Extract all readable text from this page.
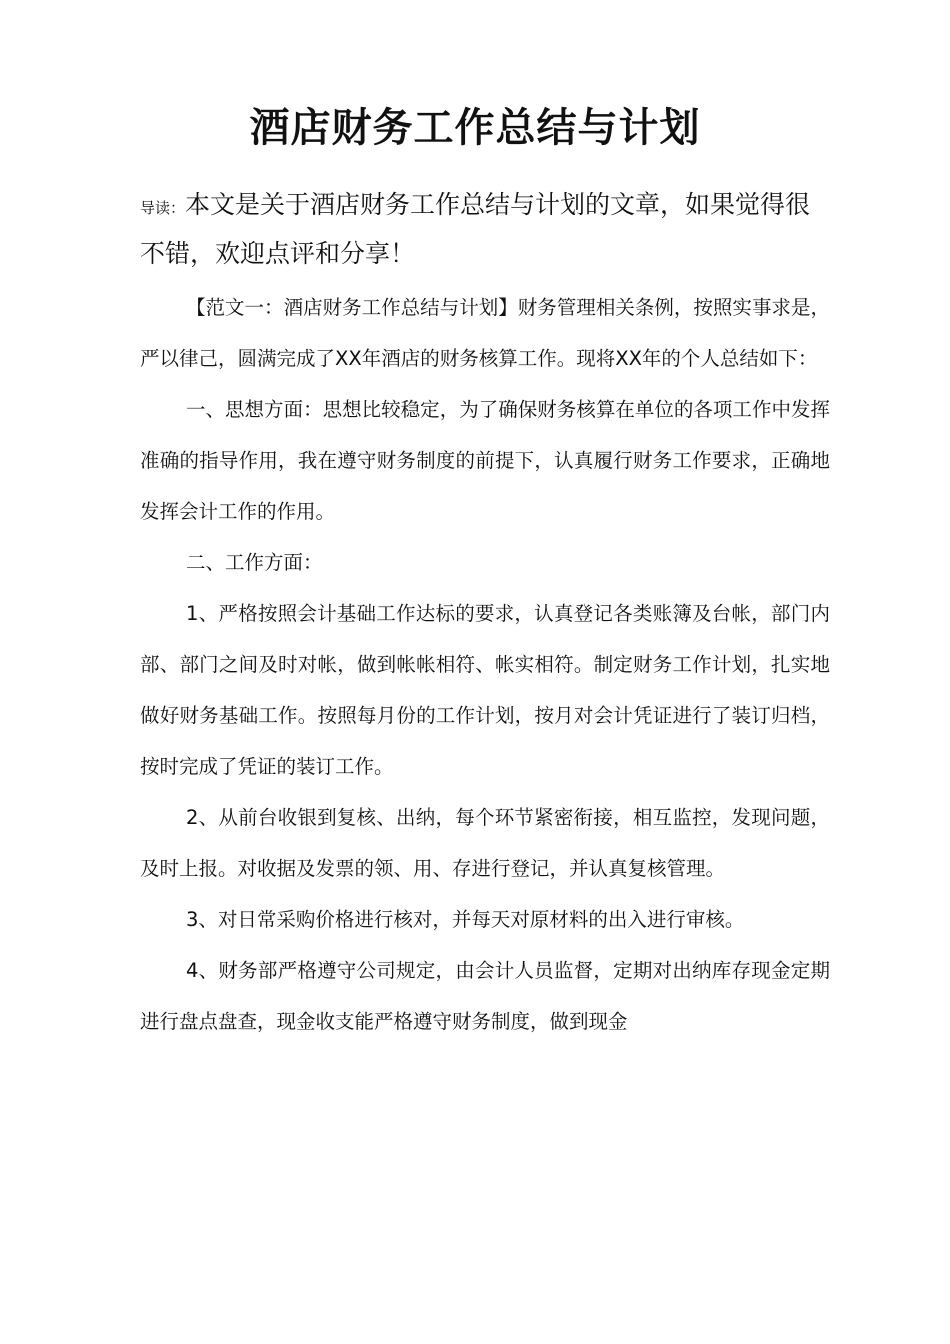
酒店财务工作总结与计划
导读：本文是关于酒店财务工作总结与计划的文章，如果觉得很不错，欢迎点评和分享！

【范文一：酒店财务工作总结与计划】财务管理相关条例，按照实事求是，严以律己，圆满完成了XX年酒店的财务核算工作。现将XX年的个人总结如下：

一、思想方面：思想比较稳定，为了确保财务核算在单位的各项工作中发挥准确的指导作用，我在遵守财务制度的前提下，认真履行财务工作要求，正确地发挥会计工作的作用。

二、工作方面：

1、严格按照会计基础工作达标的要求，认真登记各类账簿及台帐，部门内部、部门之间及时对帐，做到帐帐相符、帐实相符。制定财务工作计划，扎实地做好财务基础工作。按照每月份的工作计划，按月对会计凭证进行了装订归档，按时完成了凭证的装订工作。

2、从前台收银到复核、出纳，每个环节紧密衔接，相互监控，发现问题，及时上报。对收据及发票的领、用、存进行登记，并认真复核管理。

3、对日常采购价格进行核对，并每天对原材料的出入进行审核。

4、财务部严格遵守公司规定，由会计人员监督，定期对出纳库存现金定期进行盘点盘查，现金收支能严格遵守财务制度，做到现金
